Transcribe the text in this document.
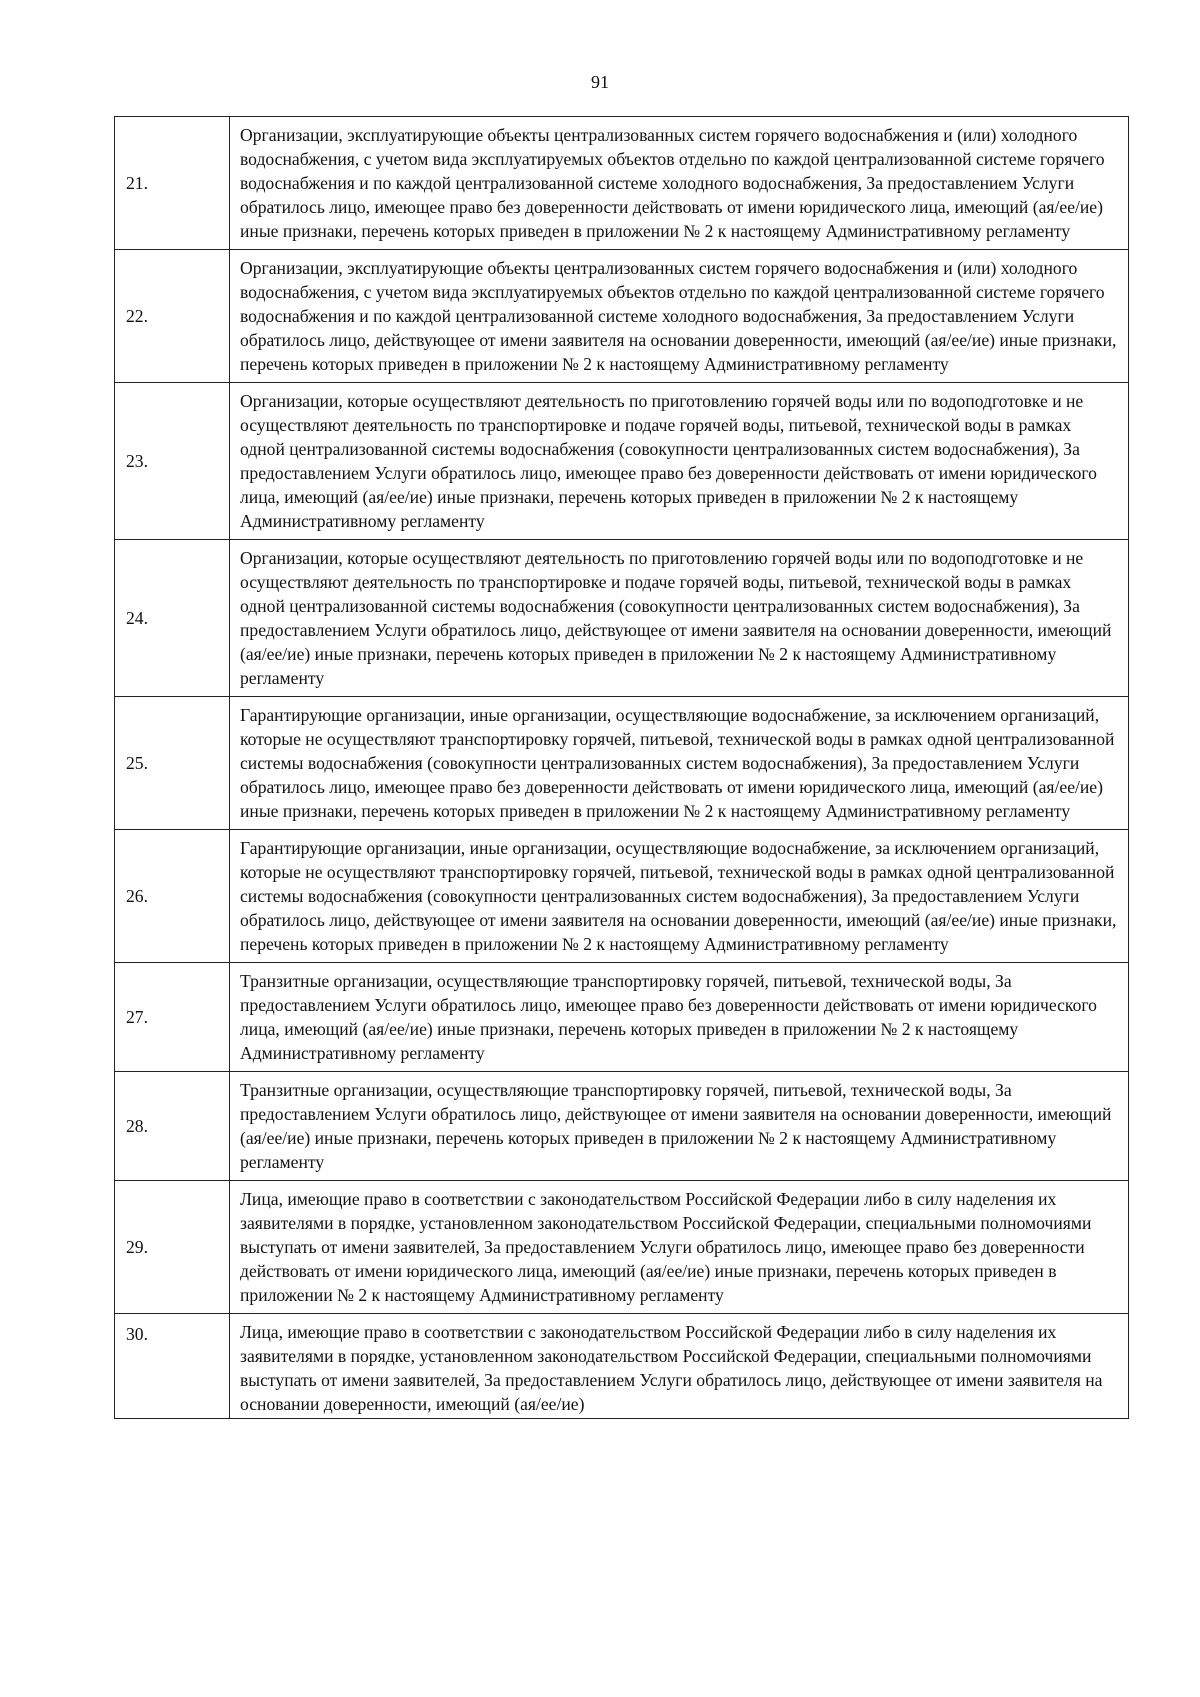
91
21.	Организации, эксплуатирующие объекты централизованных систем горячего водоснабжения и (или) холодного водоснабжения, с учетом вида эксплуатируемых объектов отдельно по каждой централизованной системе горячего водоснабжения и по каждой централизованной системе холодного водоснабжения, За предоставлением Услуги обратилось лицо, имеющее право без доверенности действовать от имени юридического лица, имеющий (ая/ее/ие) иные признаки, перечень которых приведен в приложении № 2 к настоящему Административному регламенту
22.	Организации, эксплуатирующие объекты централизованных систем горячего водоснабжения и (или) холодного водоснабжения, с учетом вида эксплуатируемых объектов отдельно по каждой централизованной системе горячего водоснабжения и по каждой централизованной системе холодного водоснабжения, За предоставлением Услуги обратилось лицо, действующее от имени заявителя на основании доверенности, имеющий (ая/ее/ие) иные признаки, перечень которых приведен в приложении № 2 к настоящему Административному регламенту
23.	Организации, которые осуществляют деятельность по приготовлению горячей воды или по водоподготовке и не осуществляют деятельность по транспортировке и подаче горячей воды, питьевой, технической воды в рамках одной централизованной системы водоснабжения (совокупности централизованных систем водоснабжения), За предоставлением Услуги обратилось лицо, имеющее право без доверенности действовать от имени юридического лица, имеющий (ая/ее/ие) иные признаки, перечень которых приведен в приложении № 2 к настоящему Административному регламенту
24.	Организации, которые осуществляют деятельность по приготовлению горячей воды или по водоподготовке и не осуществляют деятельность по транспортировке и подаче горячей воды, питьевой, технической воды в рамках одной централизованной системы водоснабжения (совокупности централизованных систем водоснабжения), За предоставлением Услуги обратилось лицо, действующее от имени заявителя на основании доверенности, имеющий (ая/ее/ие) иные признаки, перечень которых приведен в приложении № 2 к настоящему Административному регламенту
25.	Гарантирующие организации, иные организации, осуществляющие водоснабжение, за исключением организаций, которые не осуществляют транспортировку горячей, питьевой, технической воды в рамках одной централизованной системы водоснабжения (совокупности централизованных систем водоснабжения), За предоставлением Услуги обратилось лицо, имеющее право без доверенности действовать от имени юридического лица, имеющий (ая/ее/ие) иные признаки, перечень которых приведен в приложении № 2 к настоящему Административному регламенту
26.	Гарантирующие организации, иные организации, осуществляющие водоснабжение, за исключением организаций, которые не осуществляют транспортировку горячей, питьевой, технической воды в рамках одной централизованной системы водоснабжения (совокупности централизованных систем водоснабжения), За предоставлением Услуги обратилось лицо, действующее от имени заявителя на основании доверенности, имеющий (ая/ее/ие) иные признаки, перечень которых приведен в приложении № 2 к настоящему Административному регламенту
27.	Транзитные организации, осуществляющие транспортировку горячей, питьевой, технической воды, За предоставлением Услуги обратилось лицо, имеющее право без доверенности действовать от имени юридического лица, имеющий (ая/ее/ие) иные признаки, перечень которых приведен в приложении № 2 к настоящему Административному регламенту
28.	Транзитные организации, осуществляющие транспортировку горячей, питьевой, технической воды, За предоставлением Услуги обратилось лицо, действующее от имени заявителя на основании доверенности, имеющий (ая/ее/ие) иные признаки, перечень которых приведен в приложении № 2 к настоящему Административному регламенту
29.	Лица, имеющие право в соответствии с законодательством Российской Федерации либо в силу наделения их заявителями в порядке, установленном законодательством Российской Федерации, специальными полномочиями выступать от имени заявителей, За предоставлением Услуги обратилось лицо, имеющее право без доверенности действовать от имени юридического лица, имеющий (ая/ее/ие) иные признаки, перечень которых приведен в приложении № 2 к настоящему Административному регламенту
30.	Лица, имеющие право в соответствии с законодательством Российской Федерации либо в силу наделения их заявителями в порядке, установленном законодательством Российской Федерации, специальными полномочиями выступать от имени заявителей, За предоставлением Услуги обратилось лицо, действующее от имени заявителя на основании доверенности, имеющий (ая/ее/ие)
